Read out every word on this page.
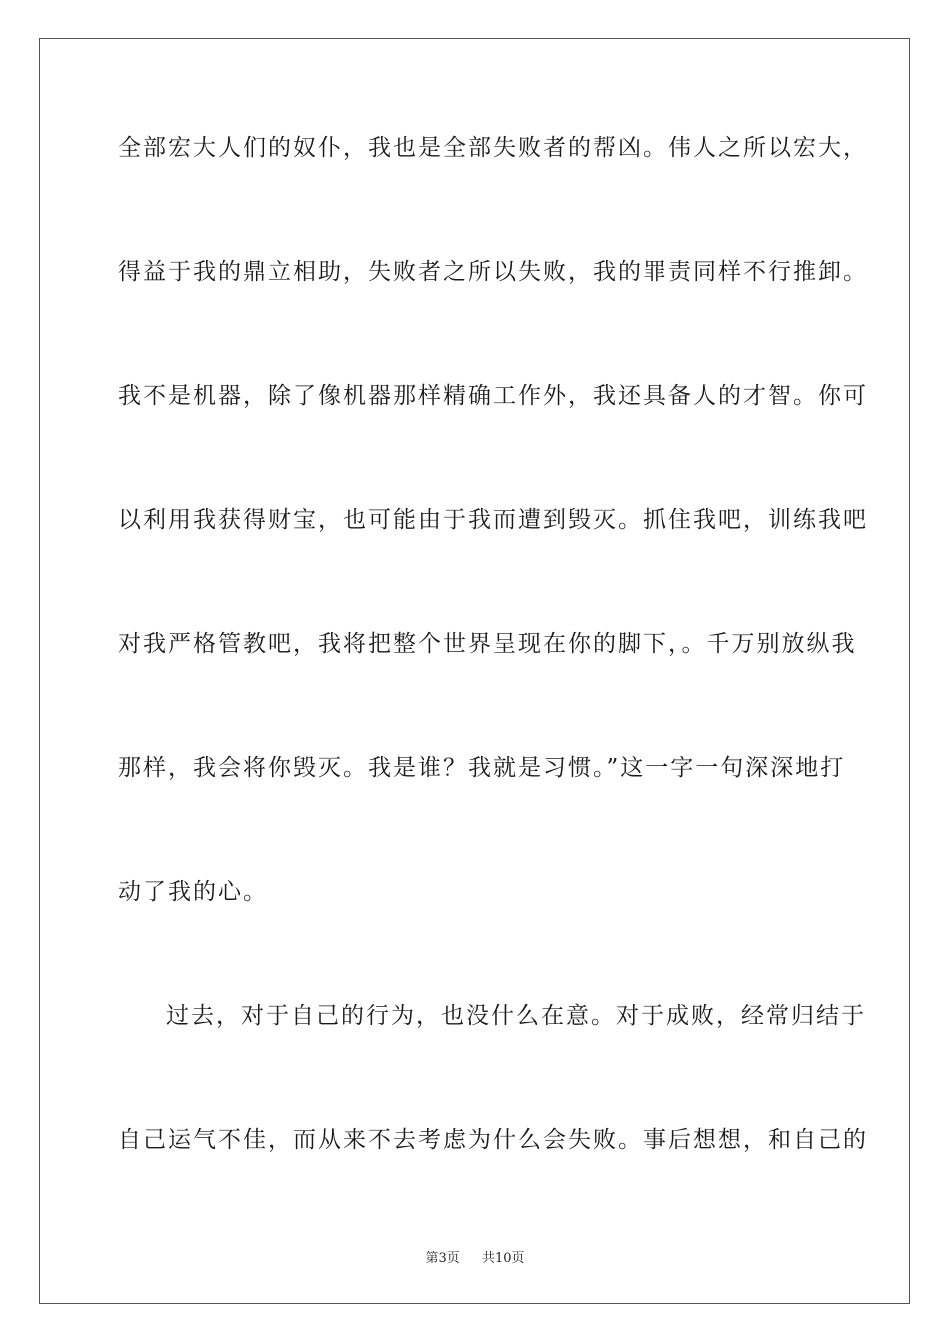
全部宏大人们的奴仆，我也是全部失败者的帮凶。伟人之所以宏大，
得益于我的鼎立相助，失败者之所以失败，我的罪责同样不行推卸。
我不是机器，除了像机器那样精确工作外，我还具备人的才智。你可
以利用我获得财宝，也可能由于我而遭到毁灭。抓住我吧，训练我吧
对我严格管教吧，我将把整个世界呈现在你的脚下，。千万别放纵我
那样，我会将你毁灭。我是谁？我就是习惯。”这一字一句深深地打
动了我的心。
过去，对于自己的行为，也没什么在意。对于成败，经常归结于
自己运气不佳，而从来不去考虑为什么会失败。事后想想，和自己的
第3页 共10页
